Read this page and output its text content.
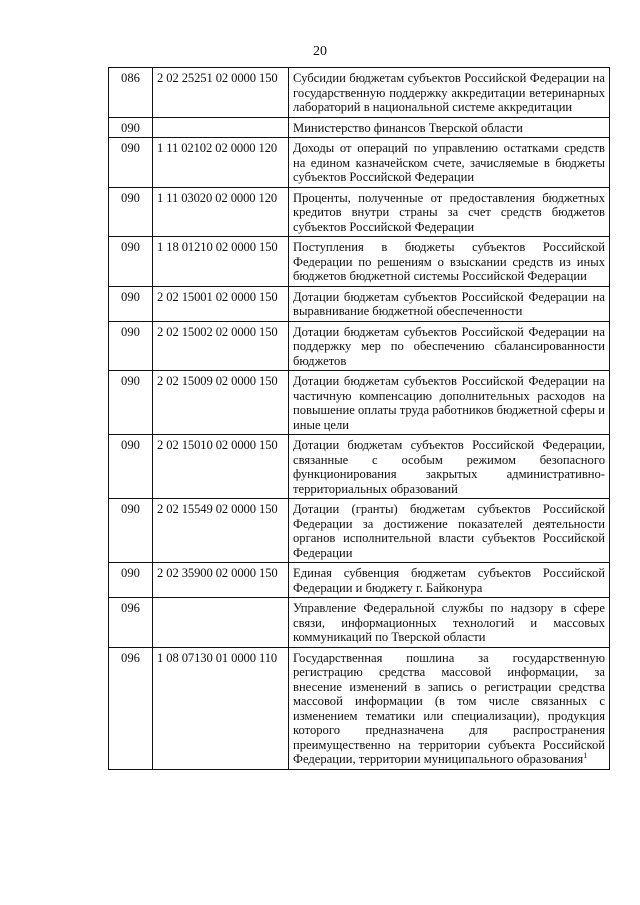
20
086	2 02 25251 02 0000 150	Субсидии бюджетам субъектов Российской Федерации на государственную поддержку аккредитации ветеринарных лабораторий в национальной системе аккредитации
090		Министерство финансов Тверской области
090	1 11 02102 02 0000 120	Доходы от операций по управлению остатками средств на едином казначейском счете, зачисляемые в бюджеты субъектов Российской Федерации
090	1 11 03020 02 0000 120	Проценты, полученные от предоставления бюджетных кредитов внутри страны за счет средств бюджетов субъектов Российской Федерации
090	1 18 01210 02 0000 150	Поступления в бюджеты субъектов Российской Федерации по решениям о взыскании средств из иных бюджетов бюджетной системы Российской Федерации
090	2 02 15001 02 0000 150	Дотации бюджетам субъектов Российской Федерации на выравнивание бюджетной обеспеченности
090	2 02 15002 02 0000 150	Дотации бюджетам субъектов Российской Федерации на поддержку мер по обеспечению сбалансированности бюджетов
090	2 02 15009 02 0000 150	Дотации бюджетам субъектов Российской Федерации на частичную компенсацию дополнительных расходов на повышение оплаты труда работников бюджетной сферы и иные цели
090	2 02 15010 02 0000 150	Дотации бюджетам субъектов Российской Федерации, связанные с особым режимом безопасного функционирования закрытых административно-территориальных образований
090	2 02 15549 02 0000 150	Дотации (гранты) бюджетам субъектов Российской Федерации за достижение показателей деятельности органов исполнительной власти субъектов Российской Федерации
090	2 02 35900 02 0000 150	Единая субвенция бюджетам субъектов Российской Федерации и бюджету г. Байконура
096		Управление Федеральной службы по надзору в сфере связи, информационных технологий и массовых коммуникаций по Тверской области
096	1 08 07130 01 0000 110	Государственная пошлина за государственную регистрацию средства массовой информации, за внесение изменений в запись о регистрации средства массовой информации (в том числе связанных с изменением тематики или специализации), продукция которого предназначена для распространения преимущественно на территории субъекта Российской Федерации, территории муниципального образования$^1$
